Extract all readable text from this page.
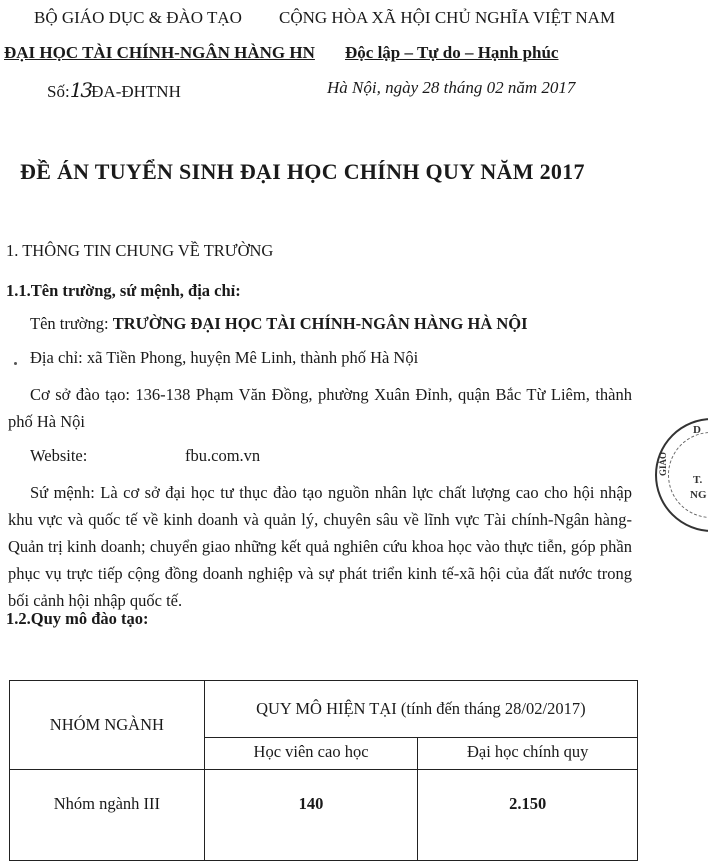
BỘ GIÁO DỤC & ĐÀO TẠO CỘNG HÒA XÃ HỘI CHỦ NGHĨA VIỆT NAM
ĐẠI HỌC TÀI CHÍNH-NGÂN HÀNG HN Độc lập – Tự do – Hạnh phúc
Số:13ĐA-ĐHTNH	Hà Nội, ngày 28 tháng 02 năm 2017
ĐỀ ÁN TUYỂN SINH ĐẠI HỌC CHÍNH QUY NĂM 2017
1. THÔNG TIN CHUNG VỀ TRƯỜNG
1.1.Tên trường, sứ mệnh, địa chỉ:
Tên trường: TRƯỜNG ĐẠI HỌC TÀI CHÍNH-NGÂN HÀNG HÀ NỘI
Địa chỉ: xã Tiền Phong, huyện Mê Linh, thành phố Hà Nội
Cơ sở đào tạo: 136-138 Phạm Văn Đồng, phường Xuân Đỉnh, quận Bắc Từ Liêm, thành phố Hà Nội
Website:	fbu.com.vn
Sứ mệnh: Là cơ sở đại học tư thục đào tạo nguồn nhân lực chất lượng cao cho hội nhập khu vực và quốc tế về kinh doanh và quản lý, chuyên sâu về lĩnh vực Tài chính-Ngân hàng-Quản trị kinh doanh; chuyển giao những kết quả nghiên cứu khoa học vào thực tiễn, góp phần phục vụ trực tiếp cộng đồng doanh nghiệp và sự phát triển kinh tế-xã hội của đất nước trong bối cảnh hội nhập quốc tế.
1.2.Quy mô đào tạo:
NHÓM NGÀNH	QUY MÔ HIỆN TẠI (tính đến tháng 28/02/2017)	
	Học viên cao học	Đại học chính quy
Nhóm ngành III	140	2.150
D
GIÁO
T.
NG
